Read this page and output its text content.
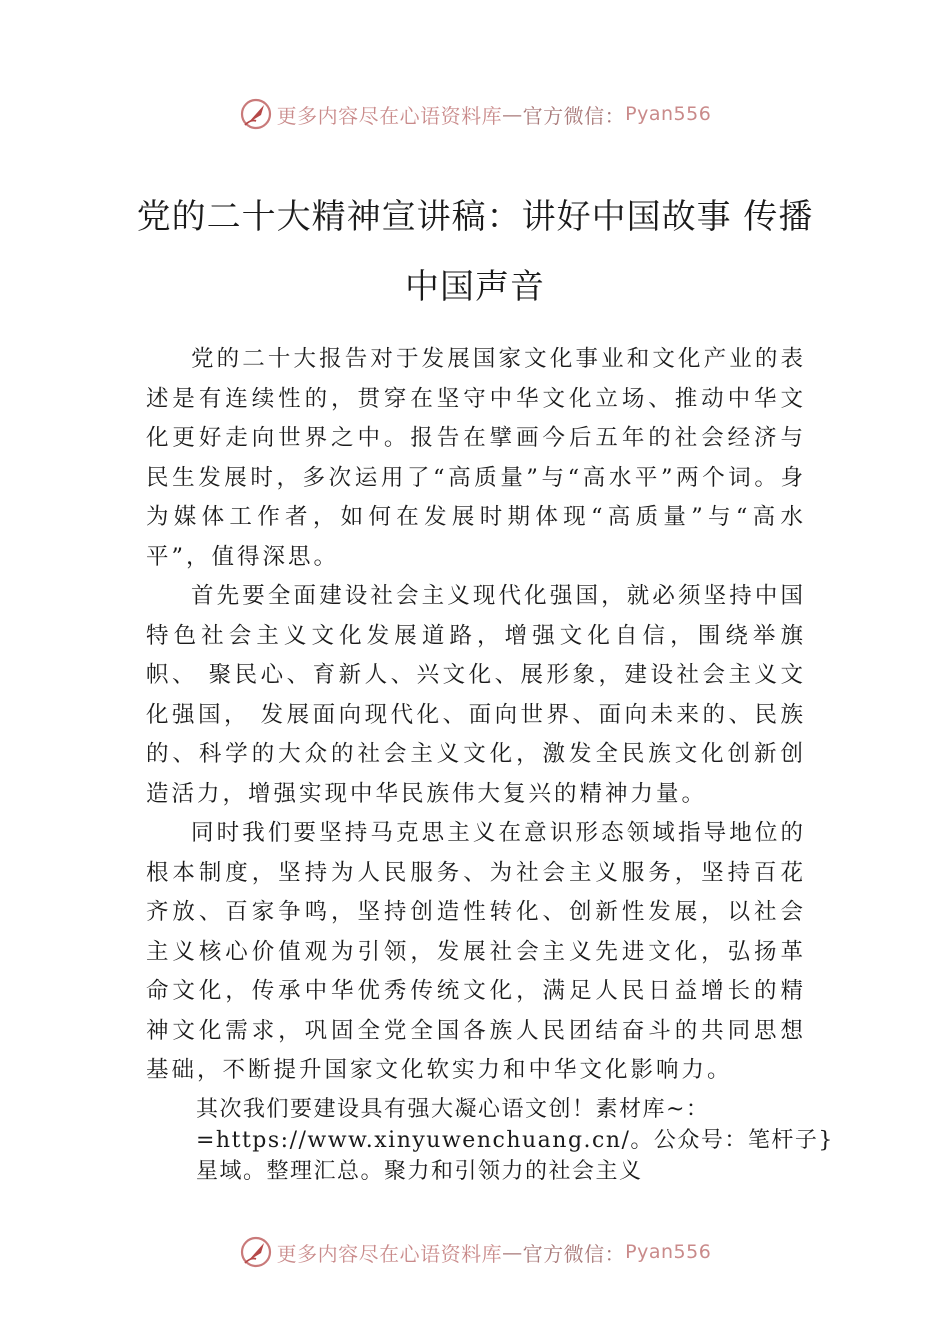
更多内容尽在心语资料库 — 官方微信： Pyan556
党的二十大精神宣讲稿：讲好中国故事 传播中国声音

党的二十大报告对于发展国家文化事业和文化产业的表述是有连续性的，贯穿在坚守中华文化立场、推动中华文化更好走向世界之中。报告在擘画今后五年的社会经济与民生发展时，多次运用了“高质量”与“高水平”两个词。身为媒体工作者，如何在发展时期体现“高质量”与“高水平”，值得深思。

首先要全面建设社会主义现代化强国，就必须坚持中国特色社会主义文化发展道路，增强文化自信，围绕举旗帜、 聚民心、育新人、兴文化、展形象，建设社会主义文化强国， 发展面向现代化、面向世界、面向未来的、民族的、科学的大众的社会主义文化，激发全民族文化创新创造活力，增强实现中华民族伟大复兴的精神力量。

同时我们要坚持马克思主义在意识形态领域指导地位的根本制度，坚持为人民服务、为社会主义服务，坚持百花齐放、百家争鸣，坚持创造性转化、创新性发展，以社会主义核心价值观为引领，发展社会主义先进文化，弘扬革命文化，传承中华优秀传统文化，满足人民日益增长的精神文化需求，巩固全党全国各族人民团结奋斗的共同思想基础，不断提升国家文化软实力和中华文化影响力。

其次我们要建设具有强大凝心语文创！素材库~：
=https://www.xinyuwenchuang.cn/。公众号：笔杆子}
星域。整理汇总。聚力和引领力的社会主义
更多内容尽在心语资料库 — 官方微信： Pyan556
